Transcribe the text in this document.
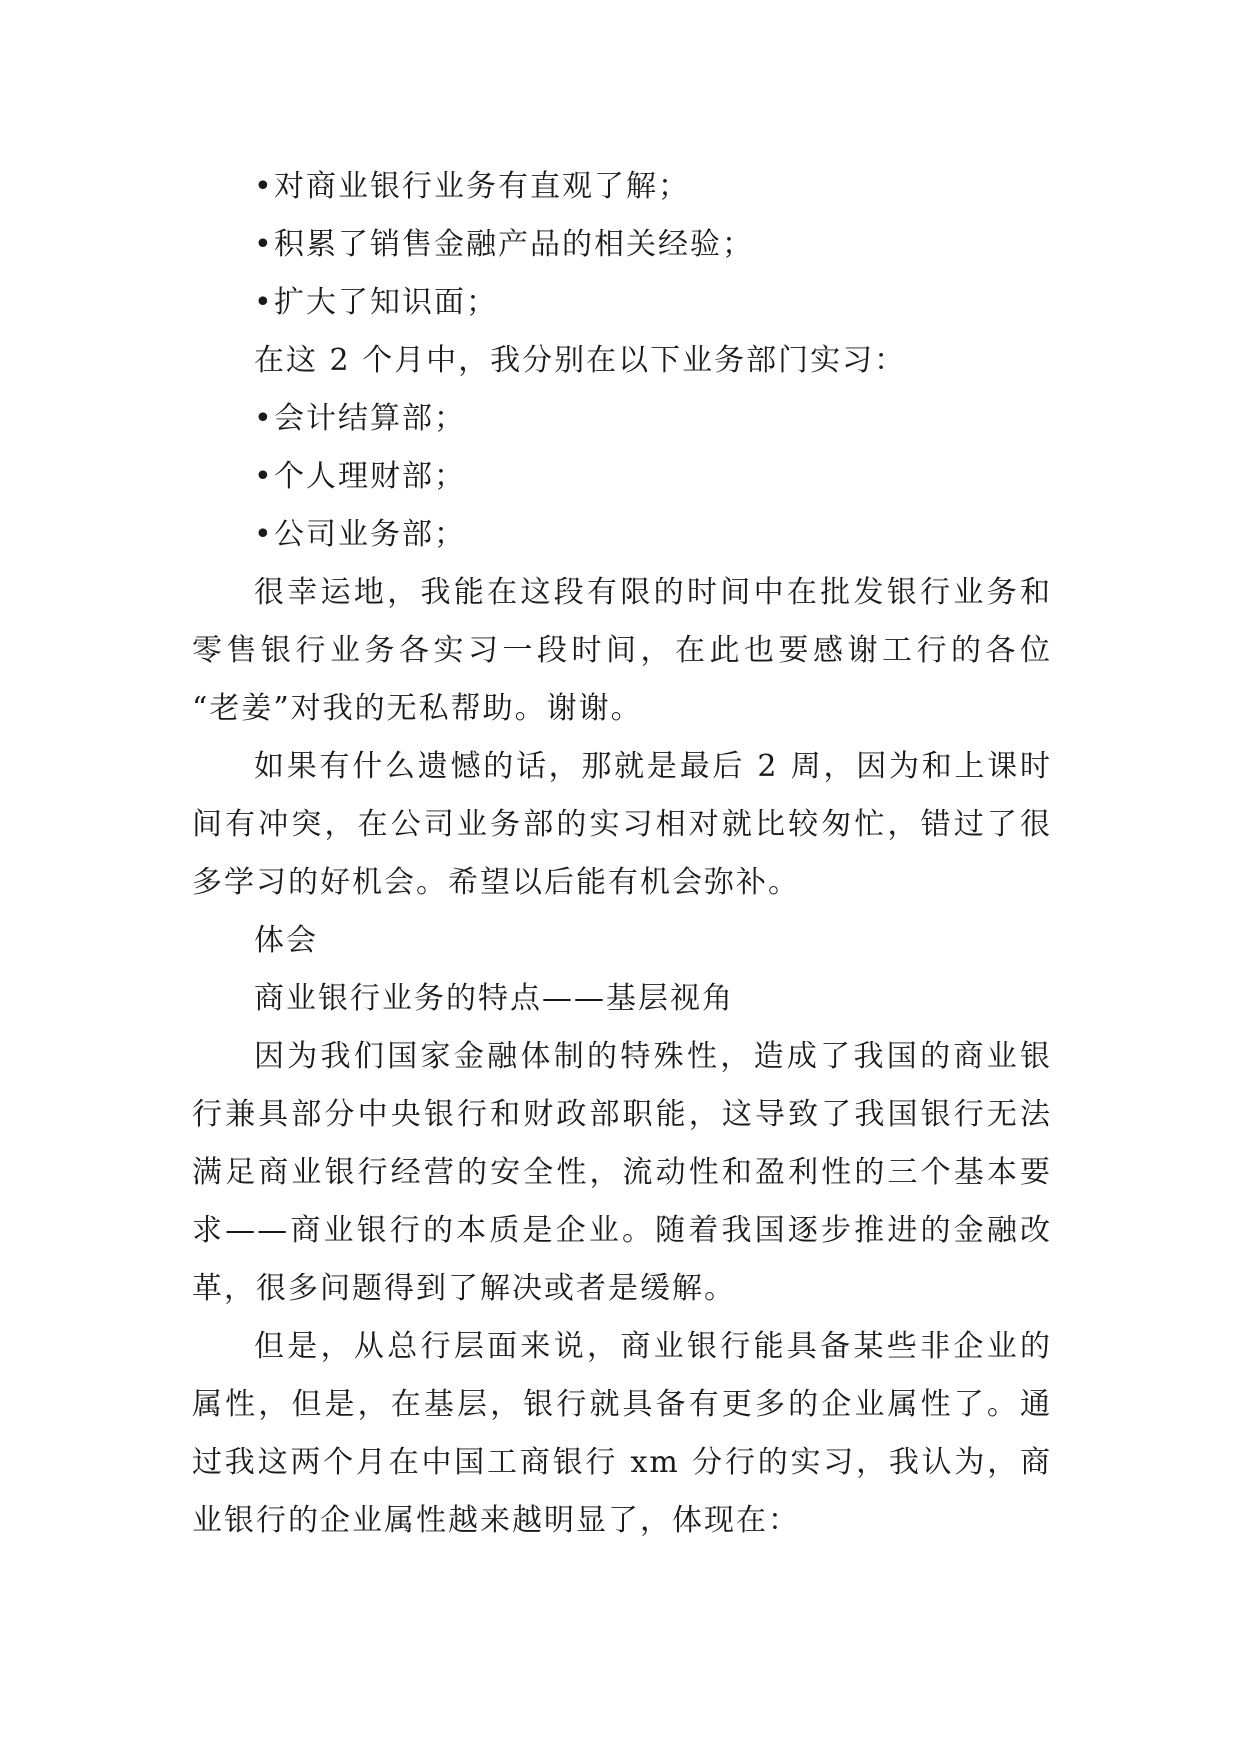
•对商业银行业务有直观了解；
•积累了销售金融产品的相关经验；
•扩大了知识面；
在这 2 个月中，我分别在以下业务部门实习：
•会计结算部；
•个人理财部；
•公司业务部；
很幸运地，我能在这段有限的时间中在批发银行业务和
零售银行业务各实习一段时间，在此也要感谢工行的各位
“老姜”对我的无私帮助。谢谢。
如果有什么遗憾的话，那就是最后 2 周，因为和上课时
间有冲突，在公司业务部的实习相对就比较匆忙，错过了很
多学习的好机会。希望以后能有机会弥补。
体会
商业银行业务的特点——基层视角
因为我们国家金融体制的特殊性，造成了我国的商业银
行兼具部分中央银行和财政部职能，这导致了我国银行无法
满足商业银行经营的安全性，流动性和盈利性的三个基本要
求——商业银行的本质是企业。随着我国逐步推进的金融改
革，很多问题得到了解决或者是缓解。
但是，从总行层面来说，商业银行能具备某些非企业的
属性，但是，在基层，银行就具备有更多的企业属性了。通
过我这两个月在中国工商银行 xm 分行的实习，我认为，商
业银行的企业属性越来越明显了，体现在：
